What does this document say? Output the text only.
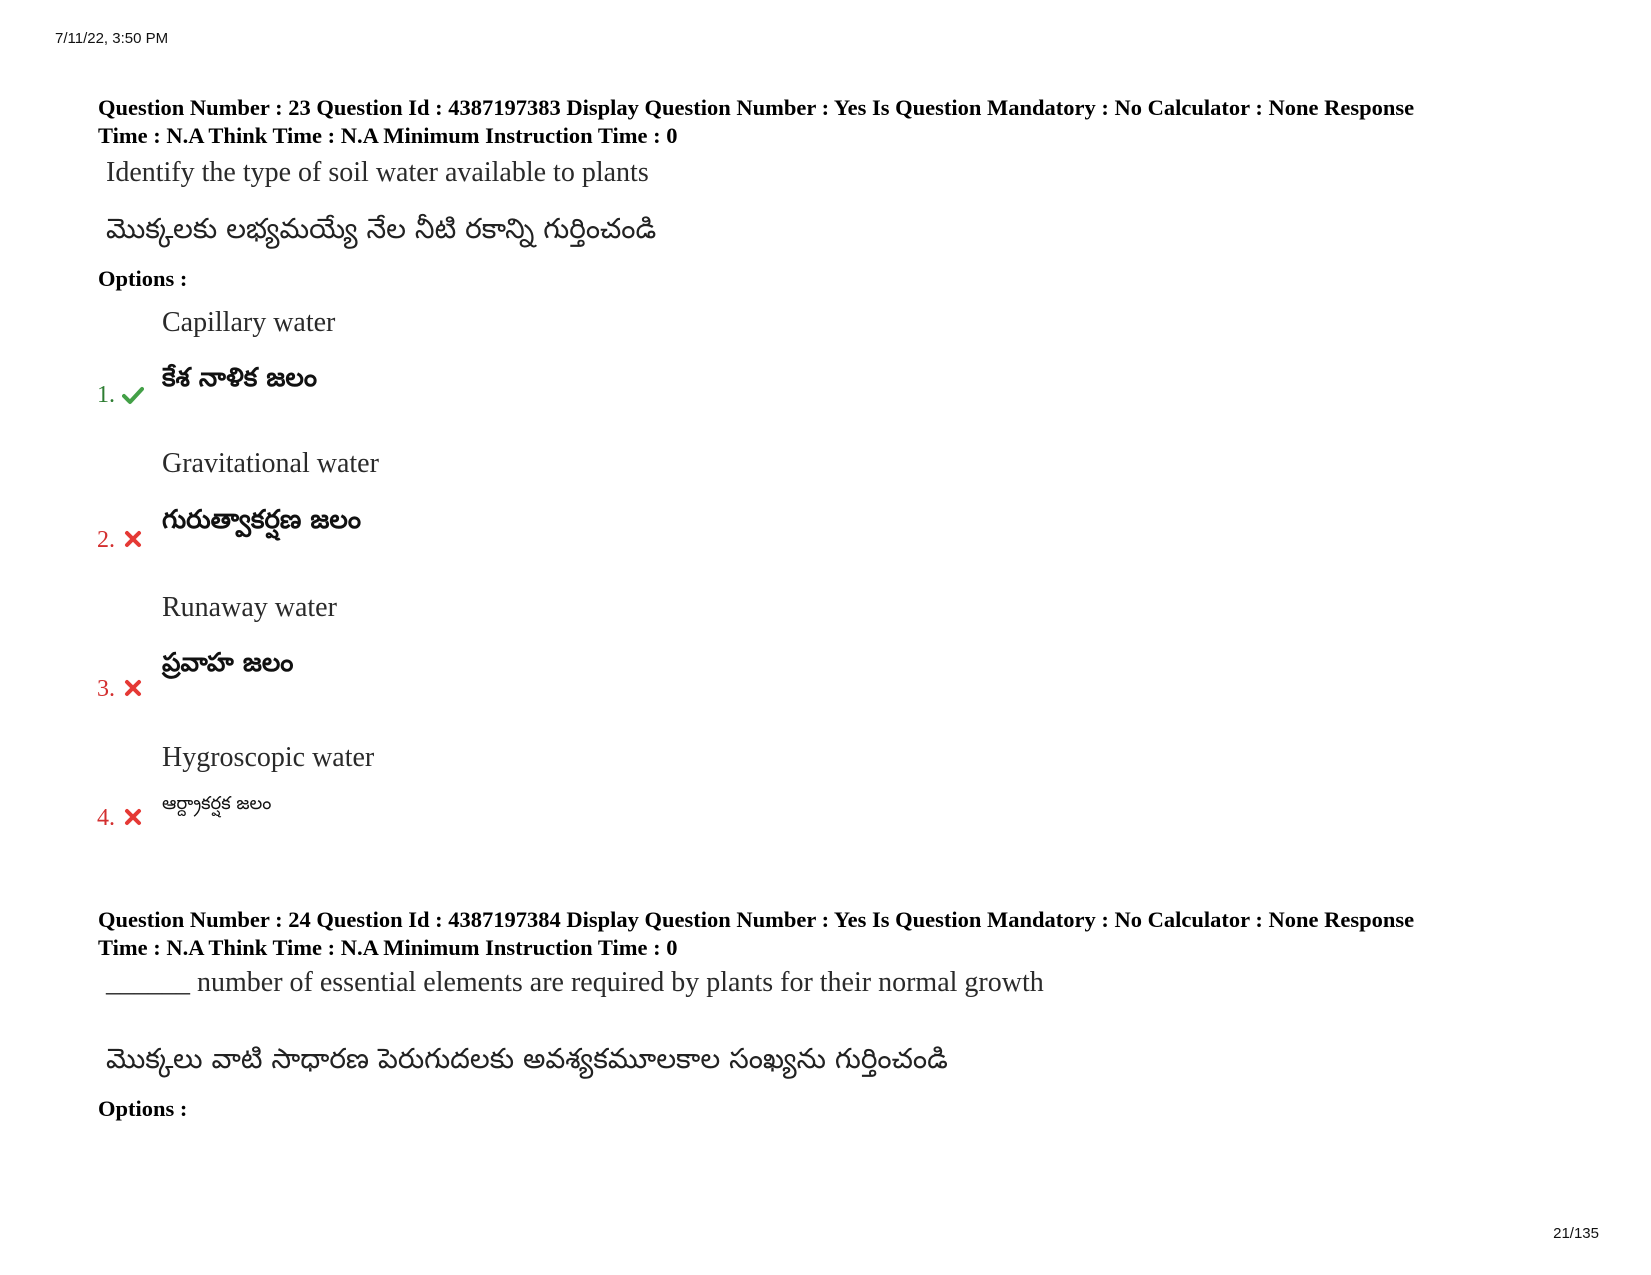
7/11/22, 3:50 PM
Question Number : 23 Question Id : 4387197383 Display Question Number : Yes Is Question Mandatory : No Calculator : None Response
Time : N.A Think Time : N.A Minimum Instruction Time : 0
Identify the type of soil water available to plants
మొక్కలకు లభ్యమయ్యే నేల నీటి రకాన్ని గుర్తించండి
Options :
Capillary water
కేశ నాళిక జలం
1.
Gravitational water
గురుత్వాకర్షణ జలం
2.
Runaway water
ప్రవాహ జలం
3.
Hygroscopic water
ఆర్ద్రాకర్షక జలం
4.
Question Number : 24 Question Id : 4387197384 Display Question Number : Yes Is Question Mandatory : No Calculator : None Response
Time : N.A Think Time : N.A Minimum Instruction Time : 0
______ number of essential elements are required by plants for their normal growth
మొక్కలు వాటి సాధారణ పెరుగుదలకు అవశ్యకమూలకాల సంఖ్యను గుర్తించండి
Options :
21/135
